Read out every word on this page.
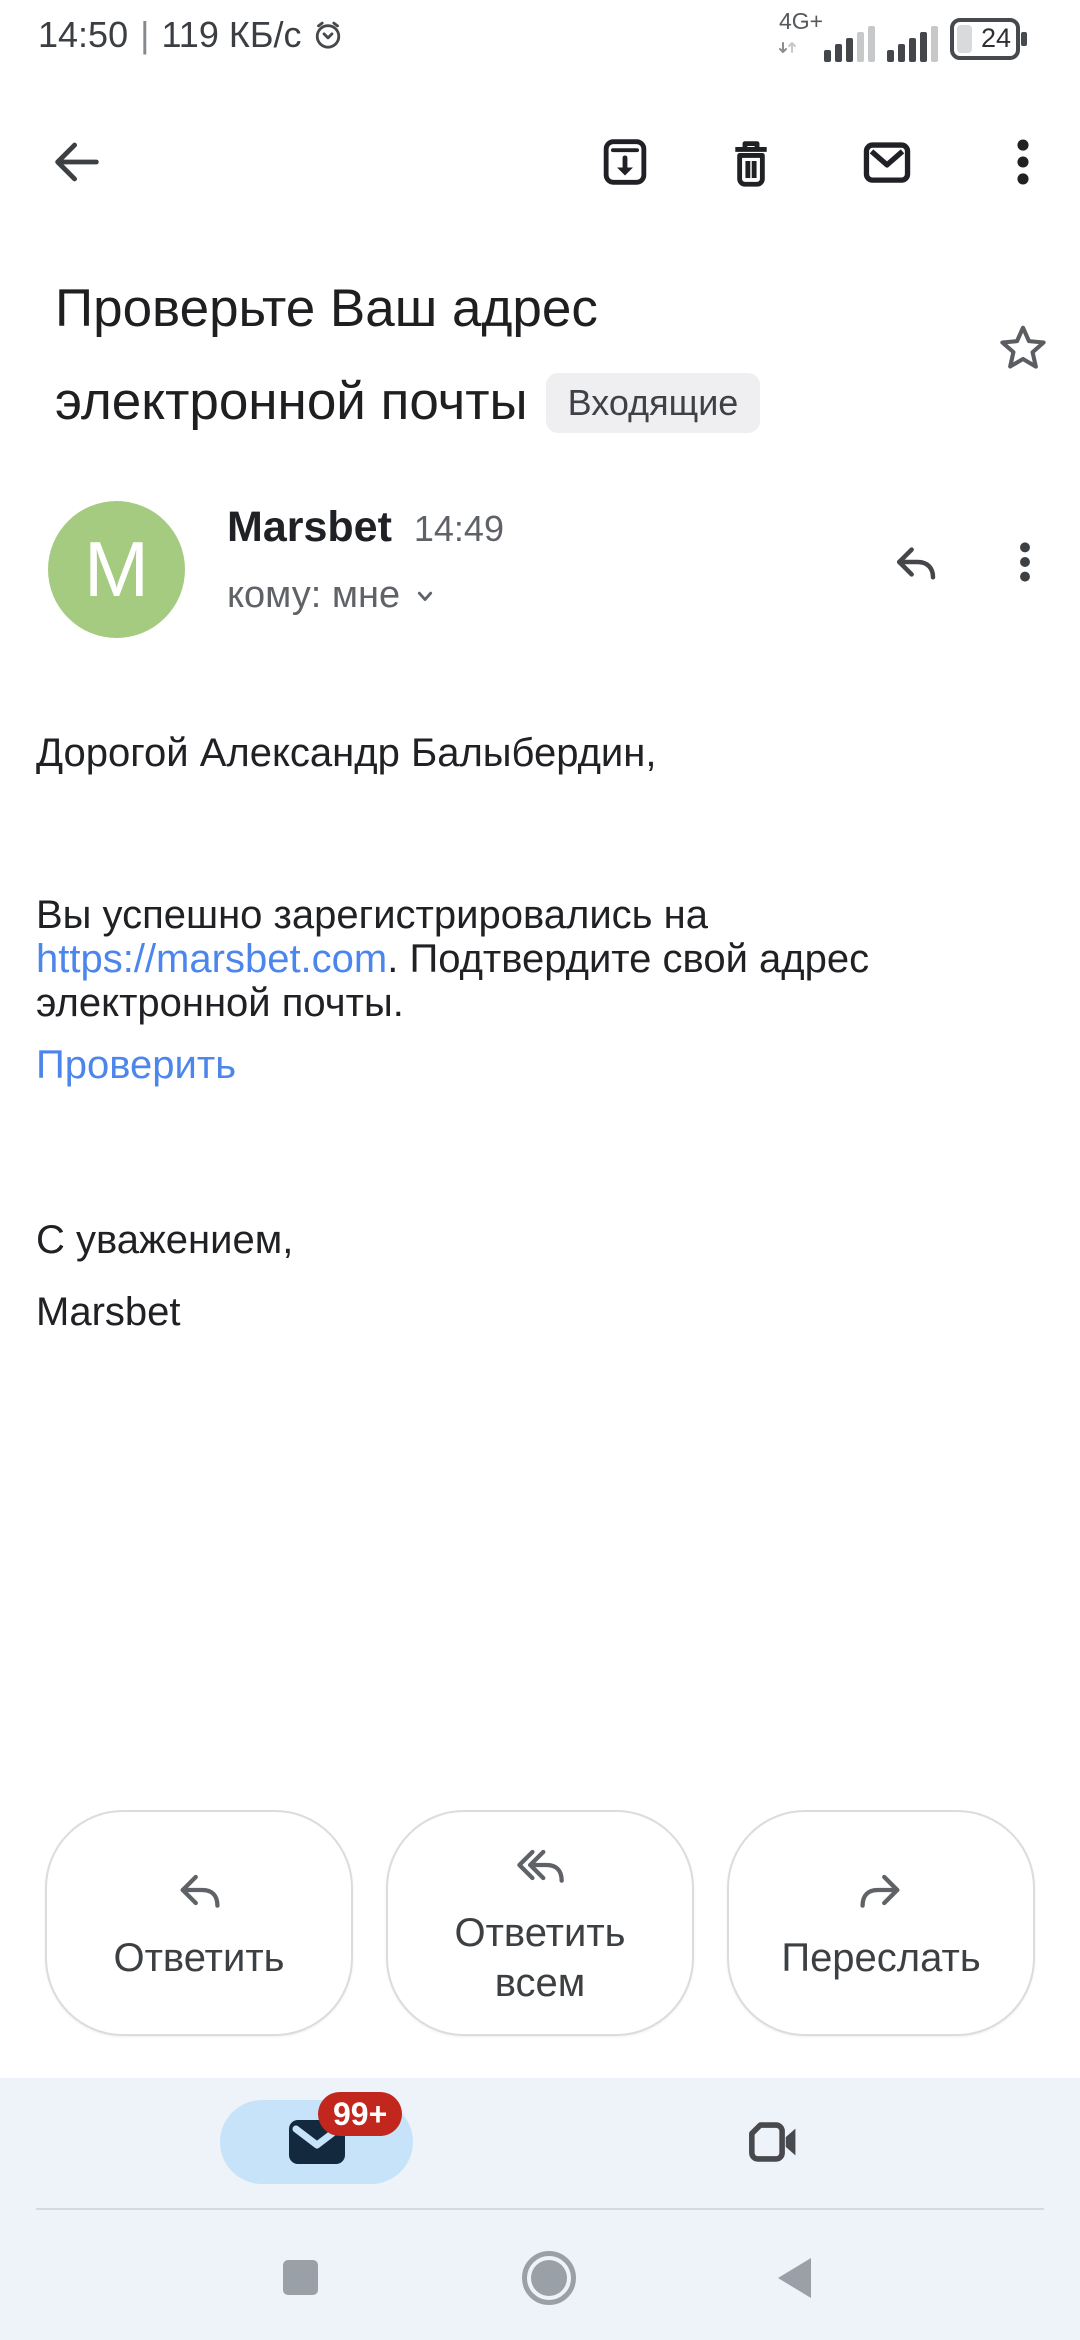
14:50 | 119 КБ/с	4G+
24
Проверьте Ваш адрес электронной почты Входящие
M Marsbet 14:49
кому: мне

Дорогой Александр Балыбердин,

Вы успешно зарегистрировались на https://marsbet.com. Подтвердите свой адрес электронной почты.

Проверить

С уважением,

Marsbet

Ответить
Ответить всем
Переслать
99+
